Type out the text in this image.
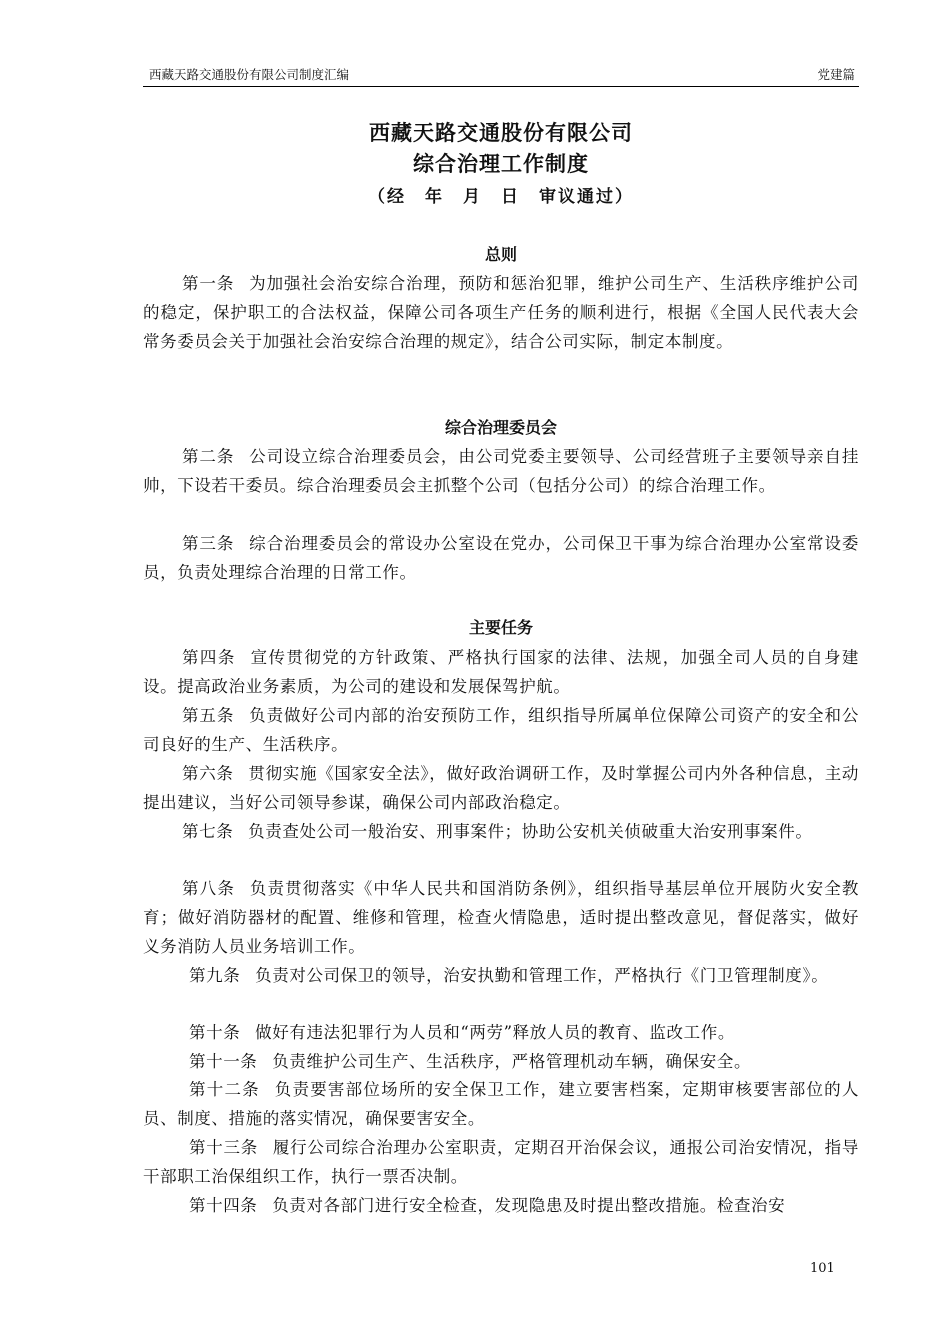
西藏天路交通股份有限公司制度汇编	党建篇
西藏天路交通股份有限公司
综合治理工作制度
（经　年　月　日　审议通过）
总则

第一条 为加强社会治安综合治理，预防和惩治犯罪，维护公司生产、生活秩序维护公司的稳定，保护职工的合法权益，保障公司各项生产任务的顺利进行，根据《全国人民代表大会常务委员会关于加强社会治安综合治理的规定》，结合公司实际，制定本制度。

综合治理委员会

第二条 公司设立综合治理委员会，由公司党委主要领导、公司经营班子主要领导亲自挂帅，下设若干委员。综合治理委员会主抓整个公司（包括分公司）的综合治理工作。

第三条 综合治理委员会的常设办公室设在党办，公司保卫干事为综合治理办公室常设委员，负责处理综合治理的日常工作。

主要任务

第四条 宣传贯彻党的方针政策、严格执行国家的法律、法规，加强全司人员的自身建设。提高政治业务素质，为公司的建设和发展保驾护航。

第五条 负责做好公司内部的治安预防工作，组织指导所属单位保障公司资产的安全和公司良好的生产、生活秩序。

第六条 贯彻实施《国家安全法》，做好政治调研工作，及时掌握公司内外各种信息，主动提出建议，当好公司领导参谋，确保公司内部政治稳定。

第七条 负责查处公司一般治安、刑事案件；协助公安机关侦破重大治安刑事案件。

第八条 负责贯彻落实《中华人民共和国消防条例》，组织指导基层单位开展防火安全教育；做好消防器材的配置、维修和管理，检查火情隐患，适时提出整改意见，督促落实，做好义务消防人员业务培训工作。

第九条 负责对公司保卫的领导，治安执勤和管理工作，严格执行《门卫管理制度》。

第十条 做好有违法犯罪行为人员和“两劳”释放人员的教育、监改工作。

第十一条 负责维护公司生产、生活秩序，严格管理机动车辆，确保安全。

第十二条 负责要害部位场所的安全保卫工作，建立要害档案，定期审核要害部位的人员、制度、措施的落实情况，确保要害安全。

第十三条 履行公司综合治理办公室职责，定期召开治保会议，通报公司治安情况，指导干部职工治保组织工作，执行一票否决制。

第十四条 负责对各部门进行安全检查，发现隐患及时提出整改措施。检查治安

101
